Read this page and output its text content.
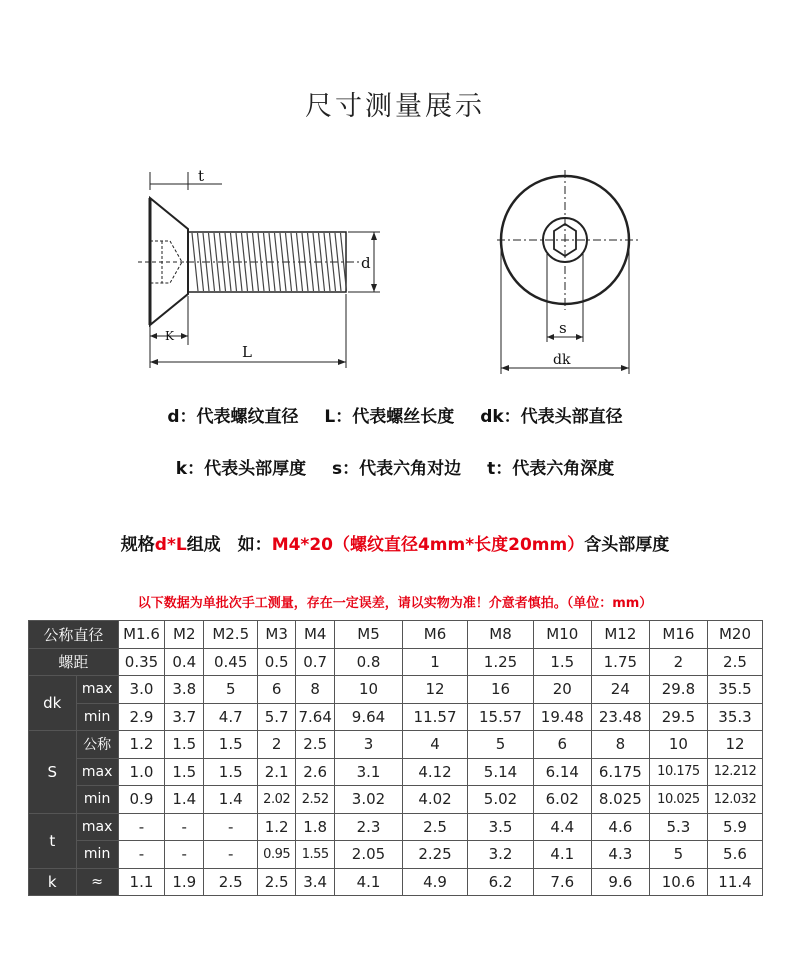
尺寸测量展示
t
d
K
L
s
dk
d：代表螺纹直径 L：代表螺丝长度 dk：代表头部直径
k：代表头部厚度 s：代表六角对边 t：代表六角深度
规格d*L组成　如：M4*20（螺纹直径4mm*长度20mm）含头部厚度
以下数据为单批次手工测量，存在一定误差，请以实物为准！介意者慎拍。（单位：mm）
公称直径		M1.6	M2	M2.5	M3	M4	M5	M6	M8	M10	M12	M16	M20
螺距		0.35	0.4	0.45	0.5	0.7	0.8	1	1.25	1.5	1.75	2	2.5
dk	max	3.0	3.8	5	6	8	10	12	16	20	24	29.8	35.5
	min	2.9	3.7	4.7	5.7	7.64	9.64	11.57	15.57	19.48	23.48	29.5	35.3
S	公称	1.2	1.5	1.5	2	2.5	3	4	5	6	8	10	12
	max	1.0	1.5	1.5	2.1	2.6	3.1	4.12	5.14	6.14	6.175	10.175	12.212
	min	0.9	1.4	1.4	2.02	2.52	3.02	4.02	5.02	6.02	8.025	10.025	12.032
t	max	-	-	-	1.2	1.8	2.3	2.5	3.5	4.4	4.6	5.3	5.9
	min	-	-	-	0.95	1.55	2.05	2.25	3.2	4.1	4.3	5	5.6
k	≈	1.1	1.9	2.5	2.5	3.4	4.1	4.9	6.2	7.6	9.6	10.6	11.4
